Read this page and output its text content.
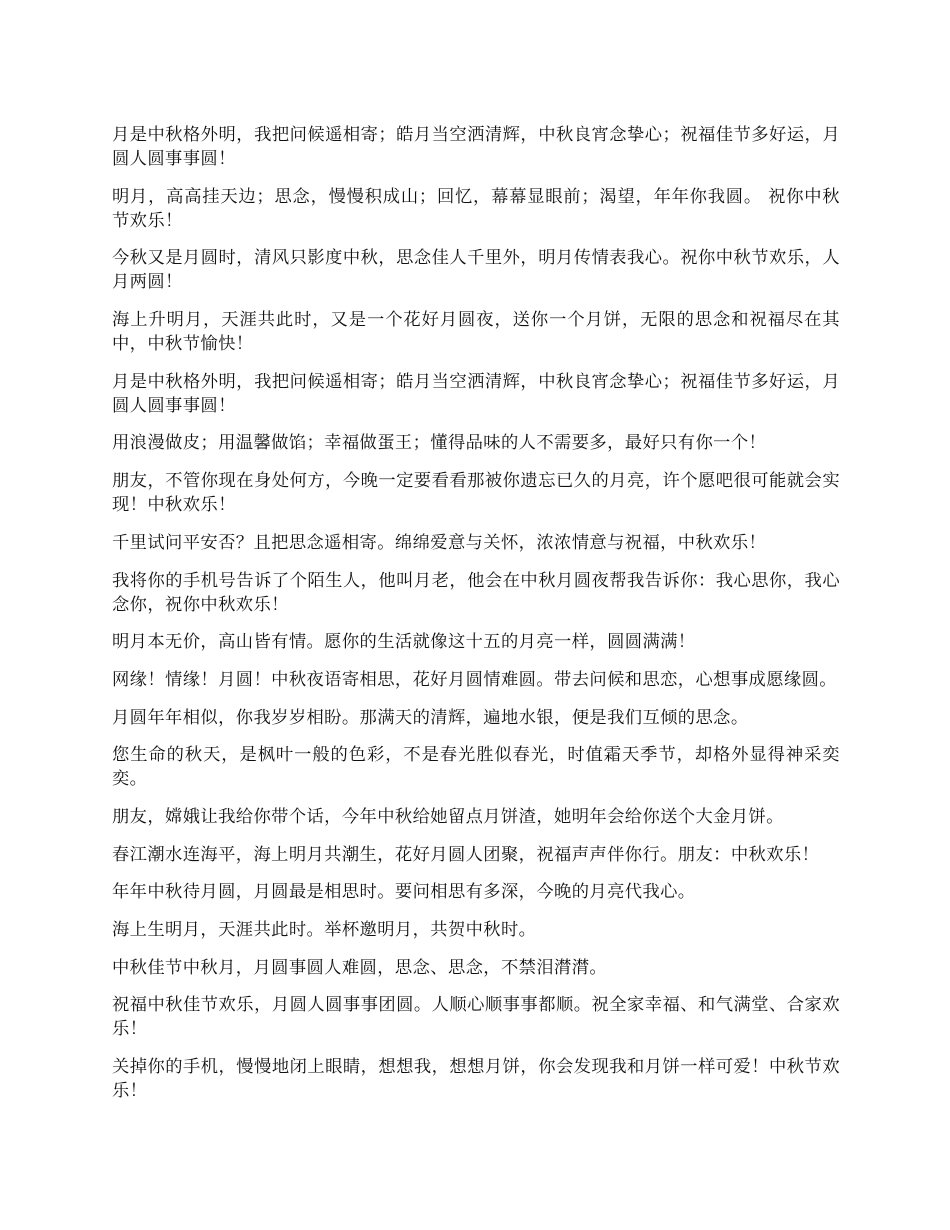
月是中秋格外明，我把问候遥相寄；皓月当空洒清辉，中秋良宵念挚心；祝福佳节多好运，月圆人圆事事圆！

明月，高高挂天边；思念，慢慢积成山；回忆，幕幕显眼前；渴望，年年你我圆。 祝你中秋节欢乐！

今秋又是月圆时，清风只影度中秋，思念佳人千里外，明月传情表我心。祝你中秋节欢乐，人月两圆！

海上升明月，天涯共此时，又是一个花好月圆夜，送你一个月饼，无限的思念和祝福尽在其中，中秋节愉快！

月是中秋格外明，我把问候遥相寄；皓月当空洒清辉，中秋良宵念挚心；祝福佳节多好运，月圆人圆事事圆！

用浪漫做皮；用温馨做馅；幸福做蛋王；懂得品味的人不需要多，最好只有你一个！

朋友，不管你现在身处何方，今晚一定要看看那被你遗忘已久的月亮，许个愿吧很可能就会实现！中秋欢乐！

千里试问平安否？且把思念遥相寄。绵绵爱意与关怀，浓浓情意与祝福，中秋欢乐！

我将你的手机号告诉了个陌生人，他叫月老，他会在中秋月圆夜帮我告诉你：我心思你，我心念你，祝你中秋欢乐！

明月本无价，高山皆有情。愿你的生活就像这十五的月亮一样，圆圆满满！

网缘！情缘！月圆！中秋夜语寄相思，花好月圆情难圆。带去问候和思恋，心想事成愿缘圆。

月圆年年相似，你我岁岁相盼。那满天的清辉，遍地水银，便是我们互倾的思念。

您生命的秋天，是枫叶一般的色彩，不是春光胜似春光，时值霜天季节，却格外显得神采奕奕。

朋友，嫦娥让我给你带个话，今年中秋给她留点月饼渣，她明年会给你送个大金月饼。

春江潮水连海平，海上明月共潮生，花好月圆人团聚，祝福声声伴你行。朋友：中秋欢乐！

年年中秋待月圆，月圆最是相思时。要问相思有多深，今晚的月亮代我心。

海上生明月，天涯共此时。举杯邀明月，共贺中秋时。

中秋佳节中秋月，月圆事圆人难圆，思念、思念，不禁泪潸潸。

祝福中秋佳节欢乐，月圆人圆事事团圆。人顺心顺事事都顺。祝全家幸福、和气满堂、合家欢乐！

关掉你的手机，慢慢地闭上眼睛，想想我，想想月饼，你会发现我和月饼一样可爱！中秋节欢乐！
